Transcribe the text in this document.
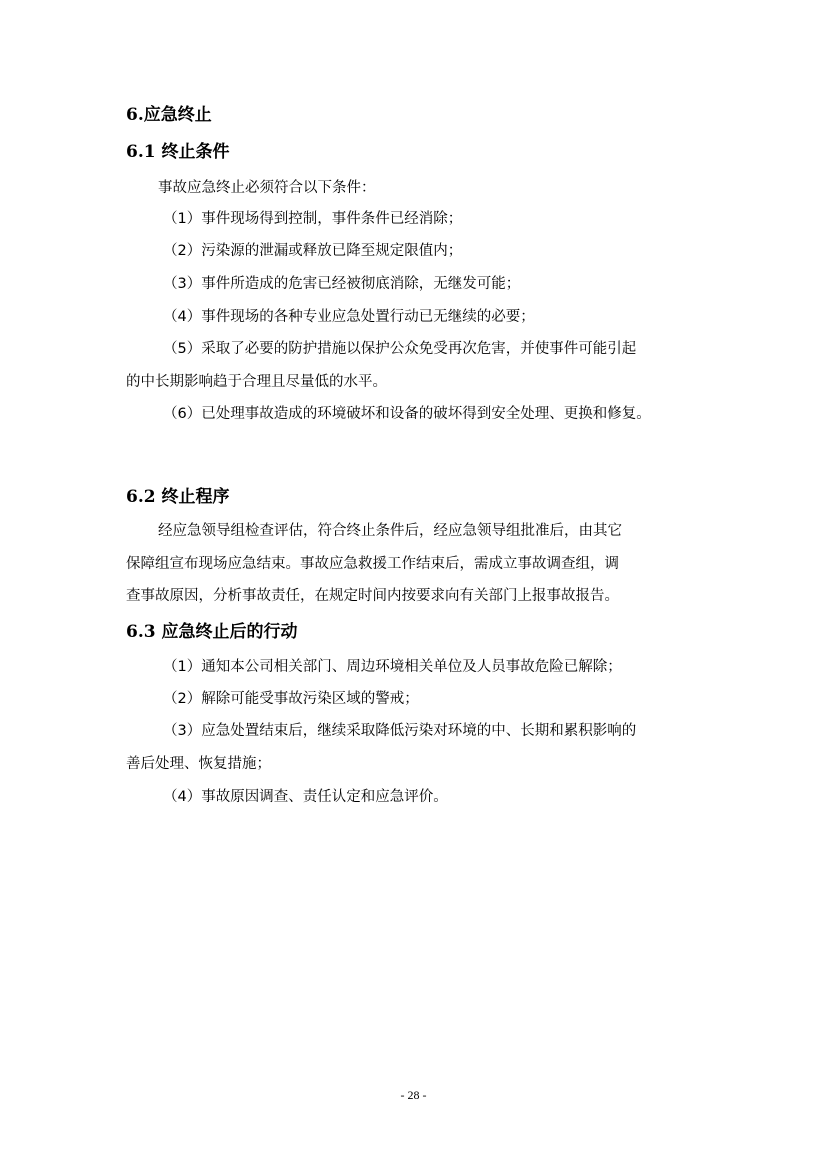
6.应急终止
6.1 终止条件
事故应急终止必须符合以下条件：
（1）事件现场得到控制，事件条件已经消除；
（2）污染源的泄漏或释放已降至规定限值内；
（3）事件所造成的危害已经被彻底消除，无继发可能；
（4）事件现场的各种专业应急处置行动已无继续的必要；
（5）采取了必要的防护措施以保护公众免受再次危害，并使事件可能引起
的中长期影响趋于合理且尽量低的水平。
（6）已处理事故造成的环境破坏和设备的破坏得到安全处理、更换和修复。
6.2 终止程序
经应急领导组检查评估，符合终止条件后，经应急领导组批准后，由其它
保障组宣布现场应急结束。事故应急救援工作结束后，需成立事故调查组，调
查事故原因，分析事故责任，在规定时间内按要求向有关部门上报事故报告。
6.3 应急终止后的行动
（1）通知本公司相关部门、周边环境相关单位及人员事故危险已解除；
（2）解除可能受事故污染区域的警戒；
（3）应急处置结束后，继续采取降低污染对环境的中、长期和累积影响的
善后处理、恢复措施；
（4）事故原因调查、责任认定和应急评价。
- 28 -
